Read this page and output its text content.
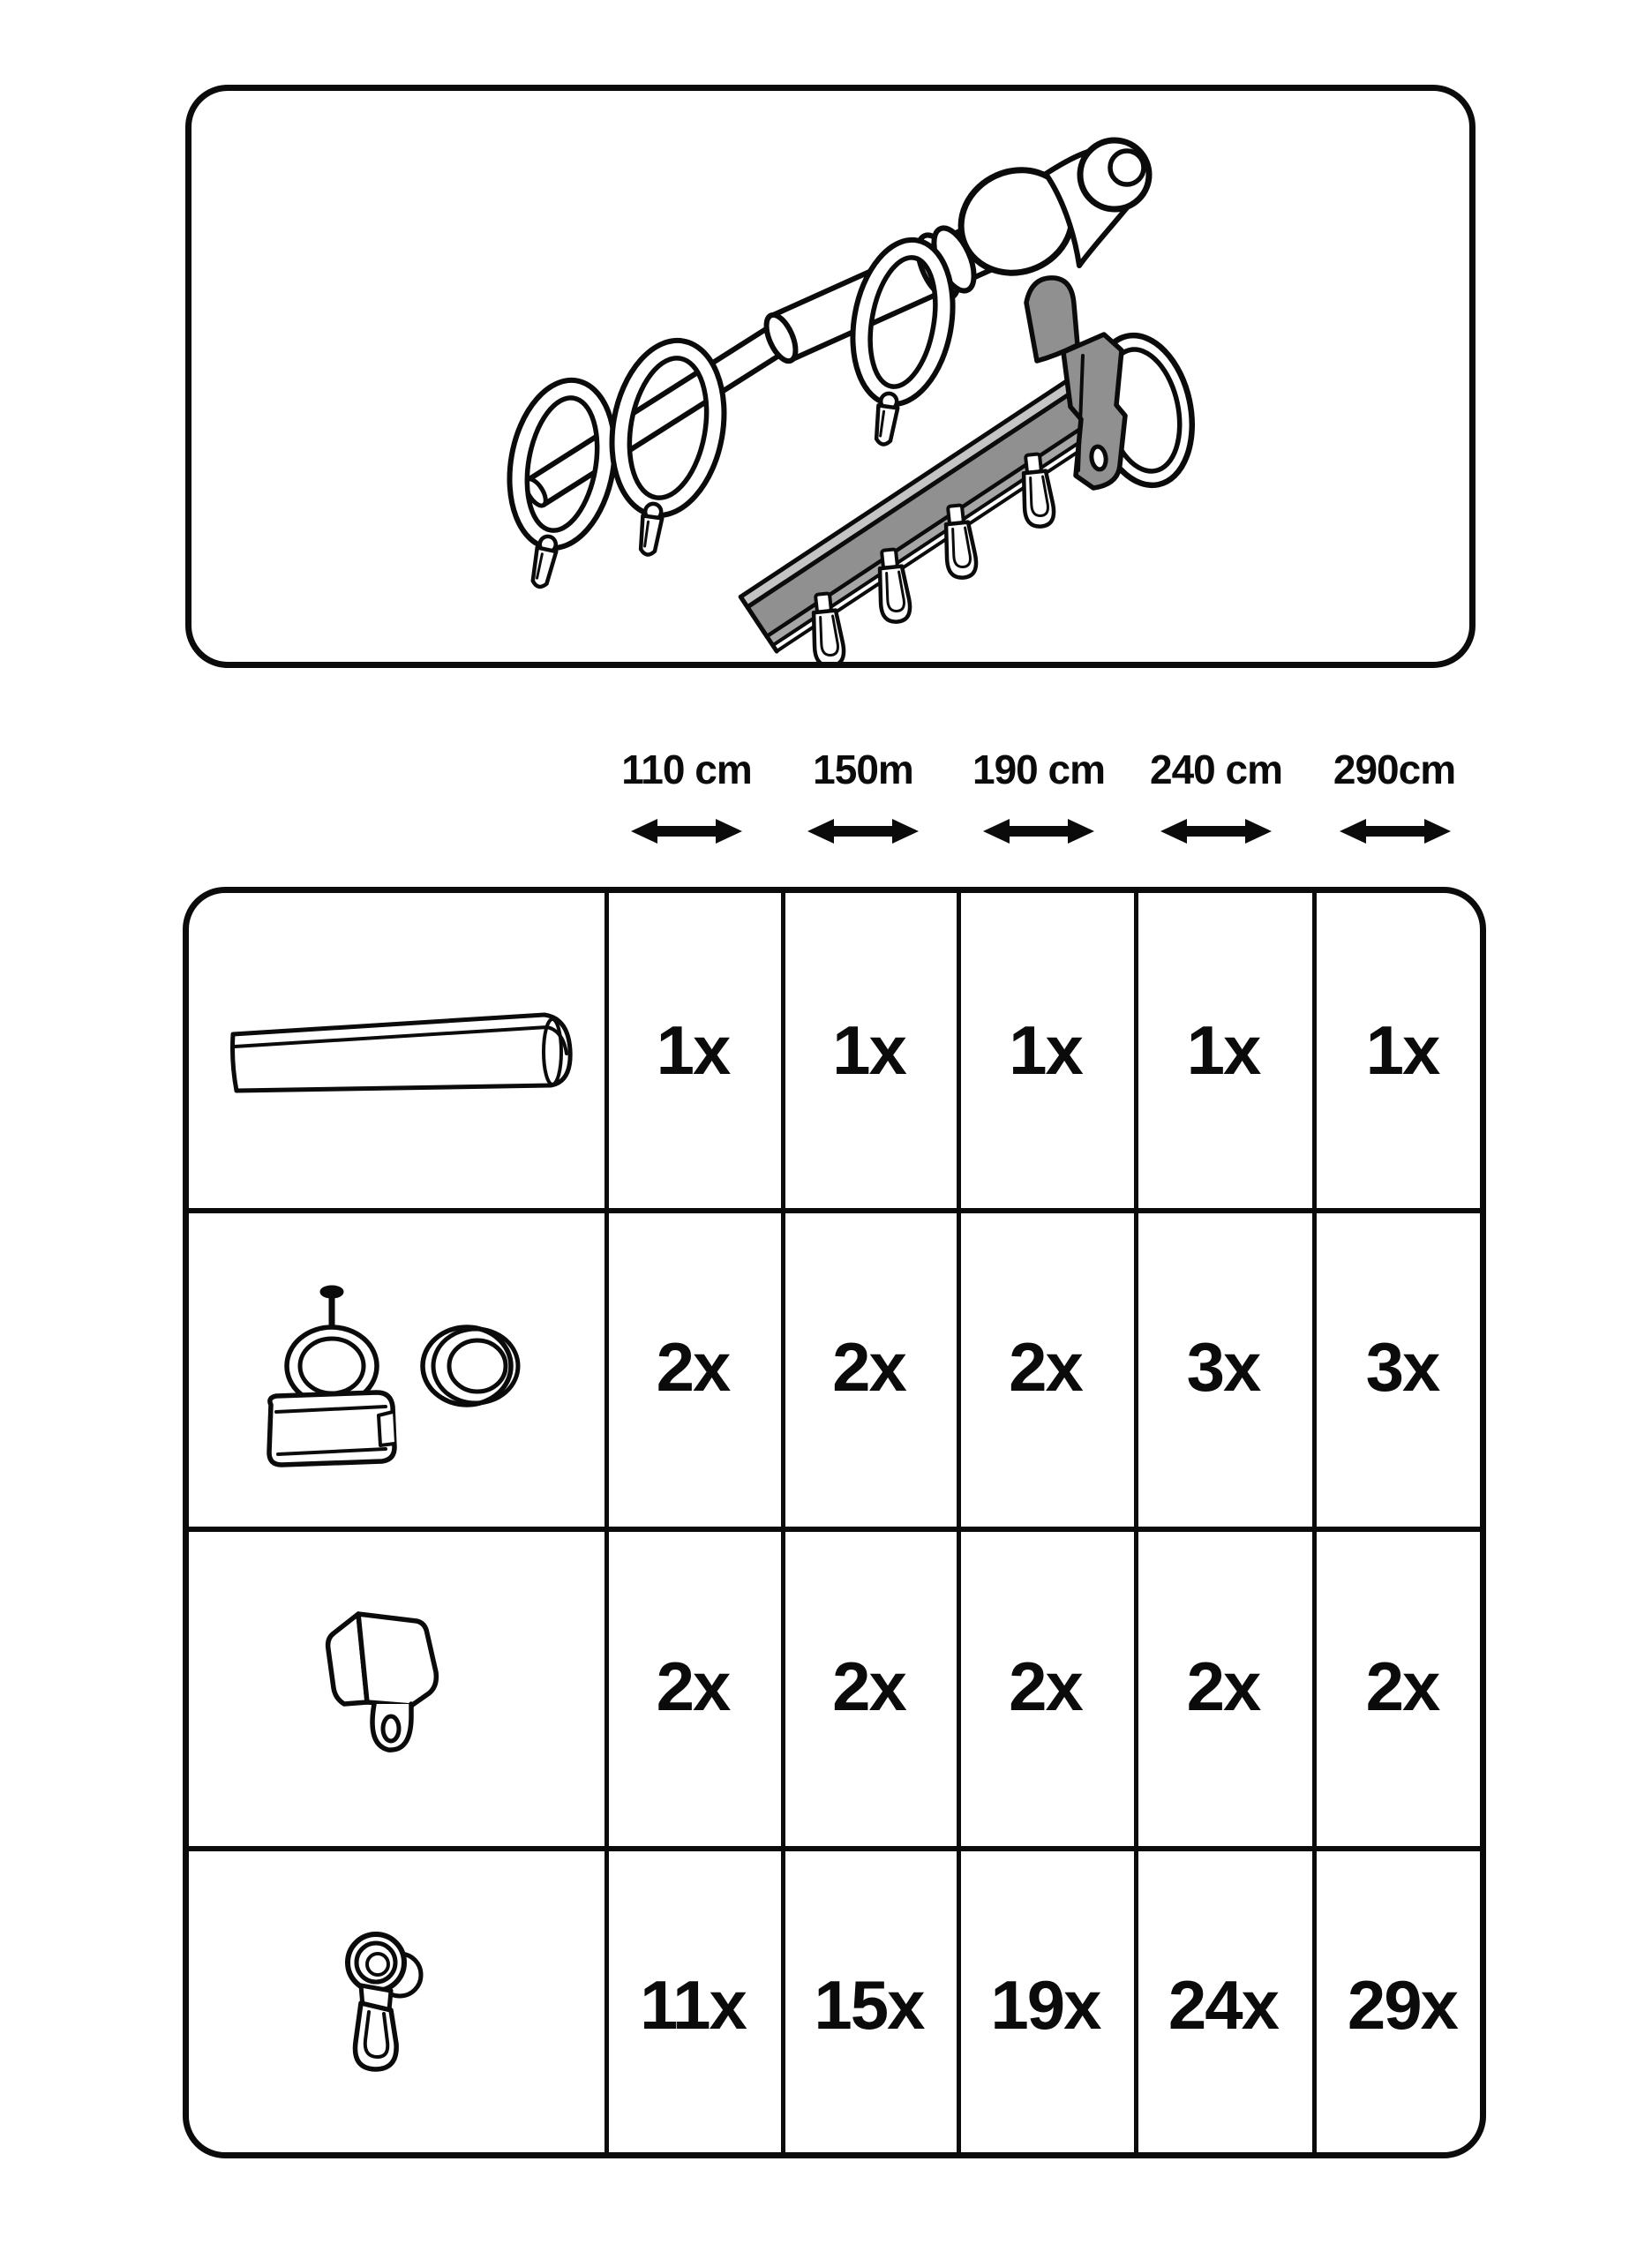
110 cm	150m	190 cm	240 cm	290cm
1x 1x 1x 1x 1x
2x 2x 2x 3x 3x
2x 2x 2x 2x 2x
11x 15x 19x 24x 29x
